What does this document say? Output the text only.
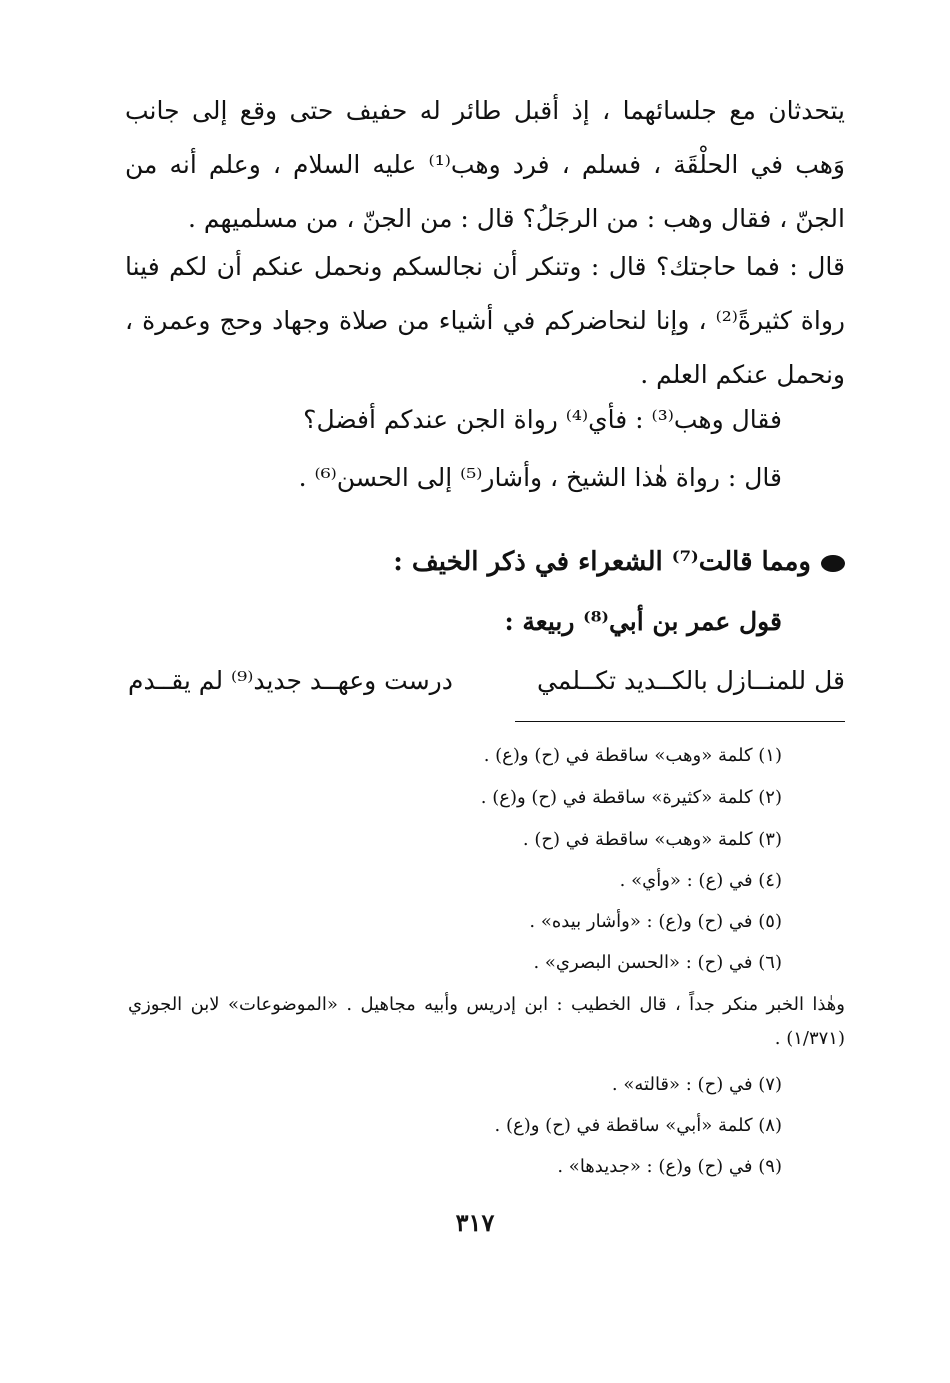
يتحدثان مع جلسائهما ، إذ أقبل طائر له حفيف حتى وقع إلى جانب وَهب في الحلْقَة ، فسلم ، فرد وهب⁽¹⁾ عليه السلام ، وعلم أنه من الجنّ ، فقال وهب : من الرجَلُ؟ قال : من الجنّ ، من مسلميهم .
قال : فما حاجتك؟ قال : وتنكر أن نجالسكم ونحمل عنكم أن لكم فينا رواة كثيرةً⁽²⁾ ، وإنا لنحاضركم في أشياء من صلاة وجهاد وحج وعمرة ، ونحمل عنكم العلم .
فقال وهب⁽³⁾ : فأي⁽⁴⁾ رواة الجن عندكم أفضل؟
قال : رواة هٰذا الشيخ ، وأشار⁽⁵⁾ إلى الحسن⁽⁶⁾ .
ومما قالت⁽⁷⁾ الشعراء في ذكر الخيف :
قول عمر بن أبي⁽⁸⁾ ربيعة :
قل للمنــازل بالكــديد تكــلمي
درست وعهــد جديد⁽⁹⁾ لم يقــدم
(١) كلمة «وهب» ساقطة في (ح) و(ع) .
(٢) كلمة «كثيرة» ساقطة في (ح) و(ع) .
(٣) كلمة «وهب» ساقطة في (ح) .
(٤) في (ع) : «وأي» .
(٥) في (ح) و(ع) : «وأشار بيده» .
(٦) في (ح) : «الحسن البصري» .
وهٰذا الخبر منكر جداً ، قال الخطيب : ابن إدريس وأبيه مجاهيل . «الموضوعات» لابن الجوزي (١/٣٧١) .
(٧) في (ح) : «قالته» .
(٨) كلمة «أبي» ساقطة في (ح) و(ع) .
(٩) في (ح) و(ع) : «جديدها» .
٣١٧
